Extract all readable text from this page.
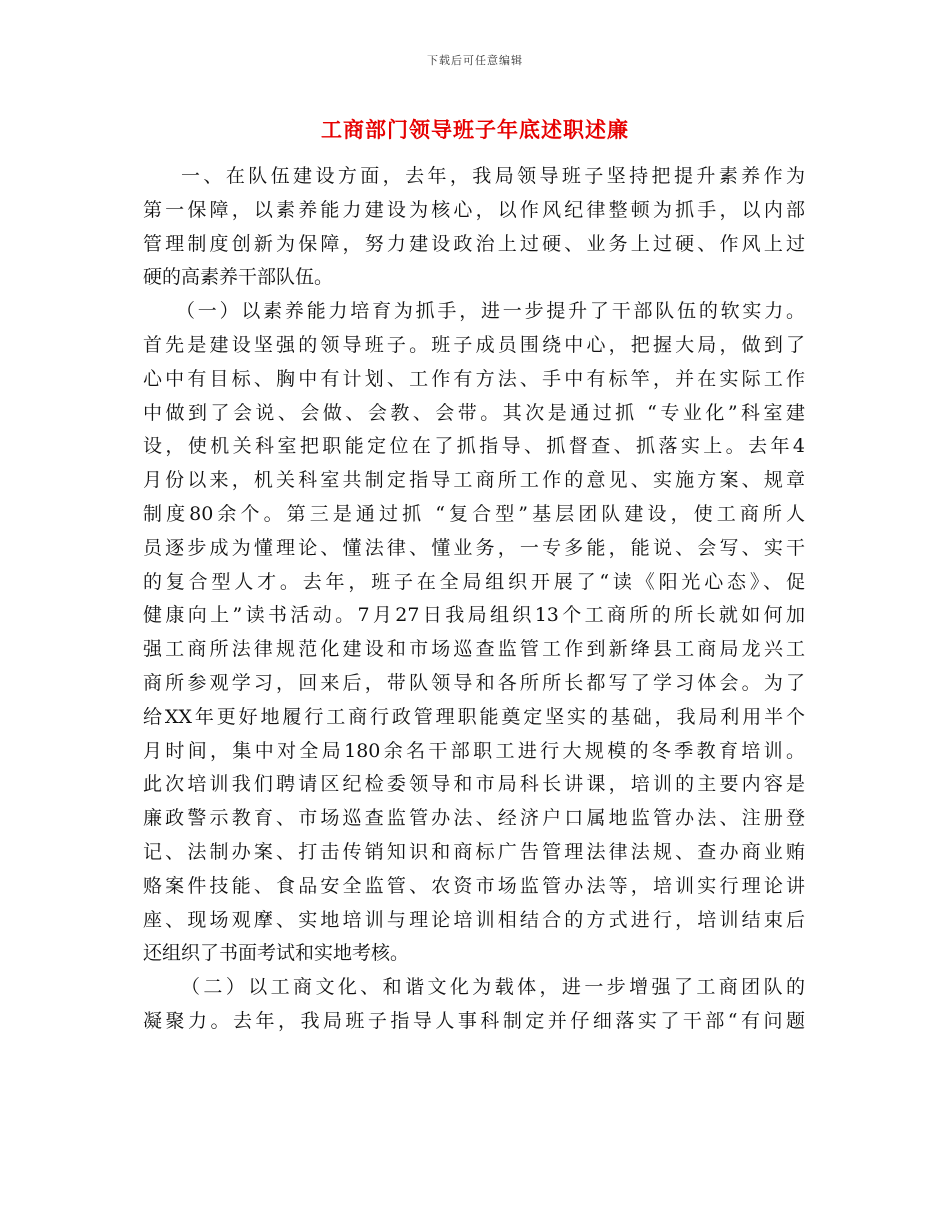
下载后可任意编辑
工商部门领导班子年底述职述廉
一、在队伍建设方面，去年，我局领导班子坚持把提升素养作为
第一保障，以素养能力建设为核心，以作风纪律整顿为抓手，以内部
管理制度创新为保障，努力建设政治上过硬、业务上过硬、作风上过
硬的高素养干部队伍。
（一）以素养能力培育为抓手，进一步提升了干部队伍的软实力。
首先是建设坚强的领导班子。班子成员围绕中心，把握大局，做到了
心中有目标、胸中有计划、工作有方法、手中有标竿，并在实际工作
中做到了会说、会做、会教、会带。其次是通过抓 “专业化”科室建
设，使机关科室把职能定位在了抓指导、抓督查、抓落实上。去年4
月份以来，机关科室共制定指导工商所工作的意见、实施方案、规章
制度80余个。第三是通过抓 “复合型”基层团队建设，使工商所人
员逐步成为懂理论、懂法律、懂业务，一专多能，能说、会写、实干
的复合型人才。去年，班子在全局组织开展了“读《阳光心态》、促
健康向上”读书活动。7月27日我局组织13个工商所的所长就如何加
强工商所法律规范化建设和市场巡查监管工作到新绛县工商局龙兴工
商所参观学习，回来后，带队领导和各所所长都写了学习体会。为了
给XX年更好地履行工商行政管理职能奠定坚实的基础，我局利用半个
月时间，集中对全局180余名干部职工进行大规模的冬季教育培训。
此次培训我们聘请区纪检委领导和市局科长讲课，培训的主要内容是
廉政警示教育、市场巡查监管办法、经济户口属地监管办法、注册登
记、法制办案、打击传销知识和商标广告管理法律法规、查办商业贿
赂案件技能、食品安全监管、农资市场监管办法等，培训实行理论讲
座、现场观摩、实地培训与理论培训相结合的方式进行，培训结束后
还组织了书面考试和实地考核。
（二）以工商文化、和谐文化为载体，进一步增强了工商团队的
凝聚力。去年，我局班子指导人事科制定并仔细落实了干部“有问题
